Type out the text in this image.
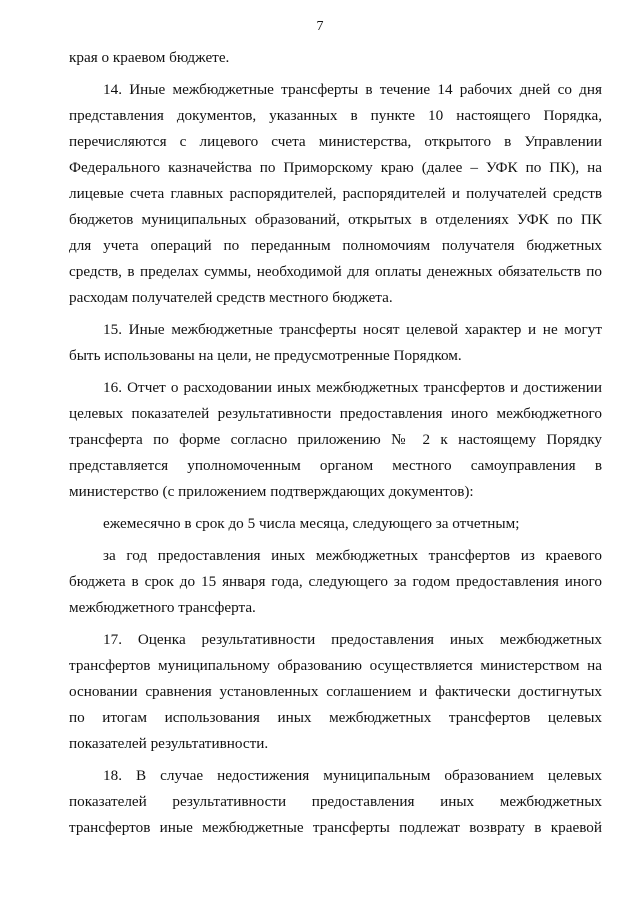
7
края о краевом бюджете.
14. Иные межбюджетные трансферты в течение 14 рабочих дней со дня
представления документов, указанных в пункте 10 настоящего Порядка,
перечисляются с лицевого счета министерства, открытого в Управлении
Федерального казначейства по Приморскому краю (далее – УФК по ПК), на
лицевые счета главных распорядителей, распорядителей и получателей средств
бюджетов муниципальных образований, открытых в отделениях УФК по ПК
для учета операций по переданным полномочиям получателя бюджетных
средств, в пределах суммы, необходимой для оплаты денежных обязательств по
расходам получателей средств местного бюджета.
15. Иные межбюджетные трансферты носят целевой характер и не могут
быть использованы на цели, не предусмотренные Порядком.
16. Отчет о расходовании иных межбюджетных трансфертов и достижении
целевых показателей результативности предоставления иного межбюджетного
трансферта по форме согласно приложению № 2 к настоящему Порядку
представляется уполномоченным органом местного самоуправления в
министерство (с приложением подтверждающих документов):
ежемесячно в срок до 5 числа месяца, следующего за отчетным;
за год предоставления иных межбюджетных трансфертов из краевого
бюджета в срок до 15 января года, следующего за годом предоставления иного
межбюджетного трансферта.
17. Оценка результативности предоставления иных межбюджетных
трансфертов муниципальному образованию осуществляется министерством на
основании сравнения установленных соглашением и фактически достигнутых
по итогам использования иных межбюджетных трансфертов целевых
показателей результативности.
18. В случае недостижения муниципальным образованием целевых
показателей результативности предоставления иных межбюджетных
трансфертов иные межбюджетные трансферты подлежат возврату в краевой
